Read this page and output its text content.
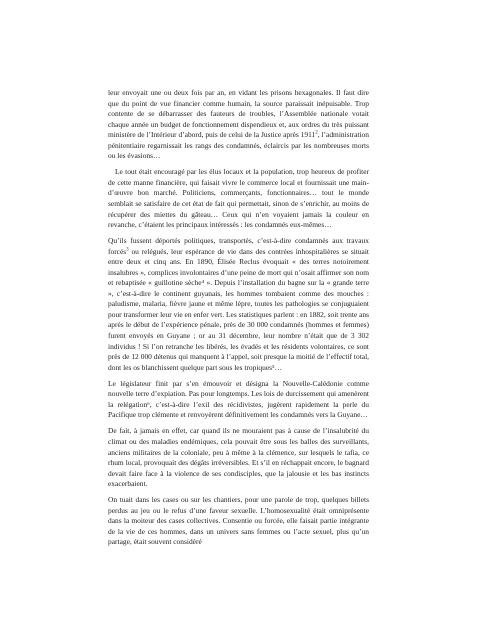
leur envoyait une ou deux fois par an, en vidant les prisons hexagonales. Il faut dire que du point de vue financier comme humain, la source paraissait inépuisable. Trop contente de se débarrasser des fauteurs de troubles, l’Assemblée nationale votait chaque année un budget de fonctionnement dispendieux et, aux ordres du très puissant ministère de l’Intérieur d’abord, puis de celui de la Justice après 1911$^2$, l’administration pénitentiaire regarnissait les rangs des condamnés, éclaircis par les nombreuses morts ou les évasions…

Le tout était encouragé par les élus locaux et la population, trop heureux de profiter de cette manne financière, qui faisait vivre le commerce local et fournissait une main-d’œuvre bon marché. Politiciens, commerçants, fonctionnaires… tout le monde semblait se satisfaire de cet état de fait qui permettait, sinon de s’enrichir, au moins de récupérer des miettes du gâteau… Ceux qui n’en voyaient jamais la couleur en revanche, c’étaient les principaux intéressés : les condamnés eux-mêmes…

Qu’ils fussent déportés politiques, transportés, c’est-à-dire condamnés aux travaux forcés$^3$ ou relégués, leur espérance de vie dans des contrées inhospitalières se situait entre deux et cinq ans. En 1890, Élisée Reclus évoquait « des terres notoirement insalubres », complices involontaires d’une peine de mort qui n’osait affirmer son nom et rebaptisée « guillotine sèche⁴ ». Depuis l’installation du bagne sur la « grande terre », c’est-à-dire le continent guyanais, les hommes tombaient comme des mouches : paludisme, malaria, fièvre jaune et même lèpre, toutes les pathologies se conjuguaient pour transformer leur vie en enfer vert. Les statistiques parlent : en 1882, soit trente ans après le début de l’expérience pénale, près de 30 000 condamnés (hommes et femmes) furent envoyés en Guyane ; or au 31 décembre, leur nombre n’était que de 3 302 individus ! Si l’on retranche les libérés, les évadés et les résidents volontaires, ce sont près de 12 000 détenus qui manquent à l’appel, soit presque la moitié de l’effectif total, dont les os blanchissent quelque part sous les tropiques⁵…

Le législateur finit par s’en émouvoir et désigna la Nouvelle-Calédonie comme nouvelle terre d’expiation. Pas pour longtemps. Les lois de durcissement qui amenèrent la relégation⁶, c’est-à-dire l’exil des récidivistes, jugèrent rapidement la perle du Pacifique trop clémente et renvoyèrent définitivement les condamnés vers la Guyane…

De fait, à jamais en effet, car quand ils ne mouraient pas à cause de l’insalubrité du climat ou des maladies endémiques, cela pouvait être sous les balles des surveillants, anciens militaires de la coloniale, peu à même à la clémence, sur lesquels le tafia, ce rhum local, provoquait des dégâts irréversibles. Et s’il en réchappait encore, le bagnard devait faire face à la violence de ses condisciples, que la jalousie et les bas instincts exacerbaient.

On tuait dans les cases ou sur les chantiers, pour une parole de trop, quelques billets perdus au jeu ou le refus d’une faveur sexuelle. L’homosexualité était omniprésente dans la moiteur des cases collectives. Consentie ou forcée, elle faisait partie intégrante de la vie de ces hommes, dans un univers sans femmes ou l’acte sexuel, plus qu’un partage, était souvent considéré
